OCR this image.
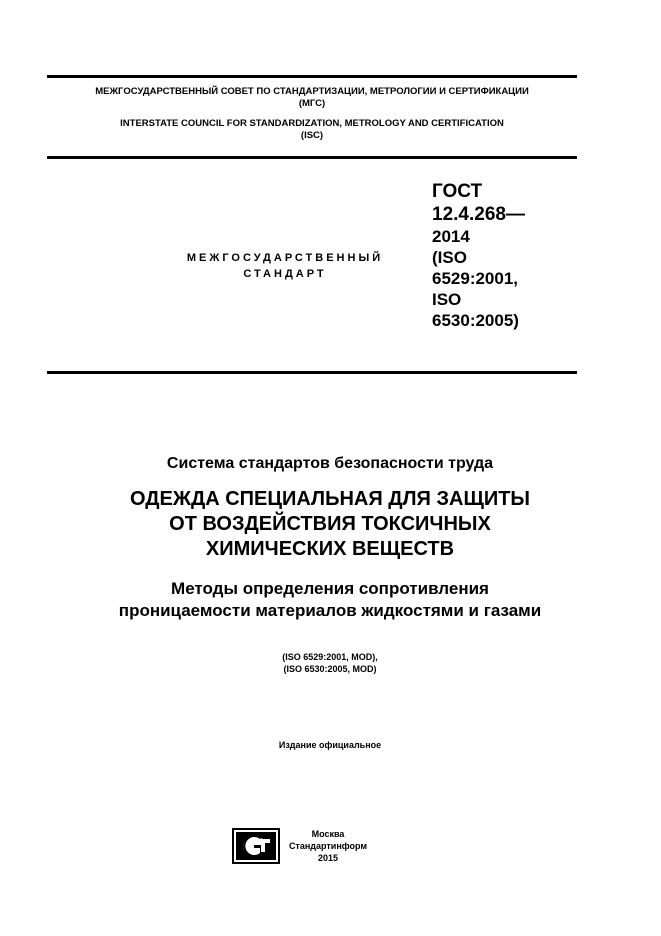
МЕЖГОСУДАРСТВЕННЫЙ СОВЕТ ПО СТАНДАРТИЗАЦИИ, МЕТРОЛОГИИ И СЕРТИФИКАЦИИ
(МГС)
INTERSTATE COUNCIL FOR STANDARDIZATION, METROLOGY AND CERTIFICATION
(ISC)
МЕЖГОСУДАРСТВЕННЫЙ
СТАНДАРТ
ГОСТ
12.4.268—
2014
(ISO
6529:2001,
ISO
6530:2005)
Система стандартов безопасности труда
ОДЕЖДА СПЕЦИАЛЬНАЯ ДЛЯ ЗАЩИТЫ
ОТ ВОЗДЕЙСТВИЯ ТОКСИЧНЫХ
ХИМИЧЕСКИХ ВЕЩЕСТВ
Методы определения сопротивления
проницаемости материалов жидкостями и газами
(ISO 6529:2001, MOD),
(ISO 6530:2005, MOD)
Издание официальное
Москва
Стандартинформ
2015
